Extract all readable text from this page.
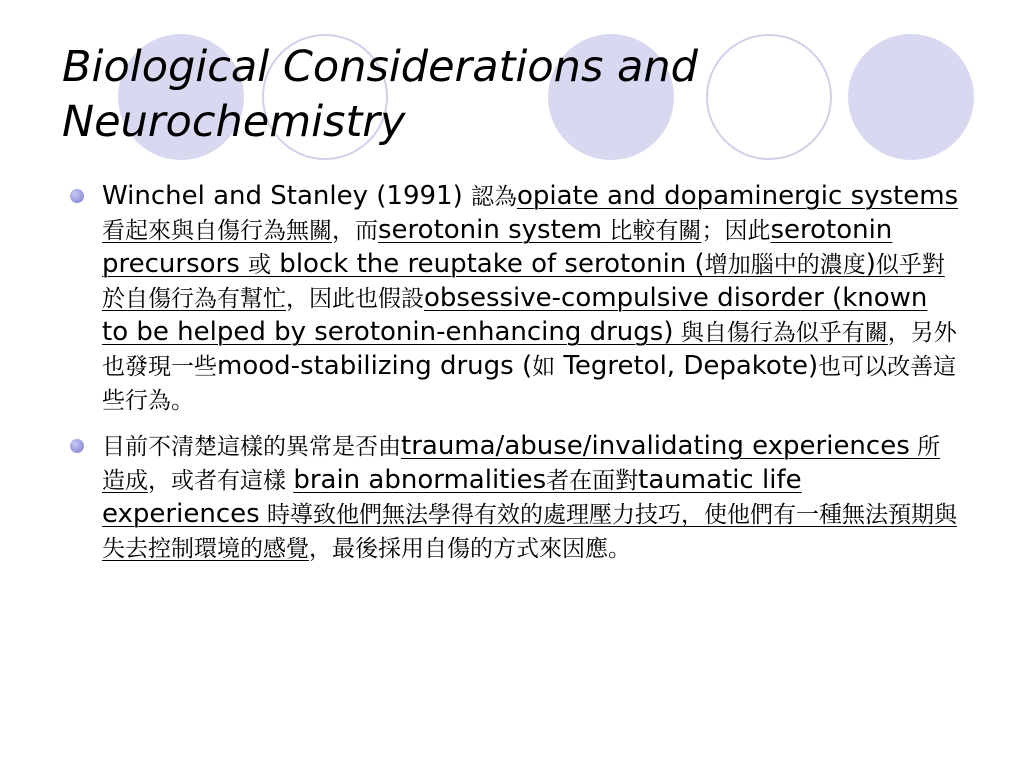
Biological Considerations and
Neurochemistry
Winchel and Stanley (1991) 認為opiate and dopaminergic systems 看起來與自傷行為無關，而serotonin system 比較有關；因此serotonin precursors 或 block the reuptake of serotonin (增加腦中的濃度)似乎對於自傷行為有幫忙，因此也假設obsessive-compulsive disorder (known to be helped by serotonin-enhancing drugs) 與自傷行為似乎有關，另外也發現一些mood-stabilizing drugs (如 Tegretol, Depakote)也可以改善這些行為。
目前不清楚這樣的異常是否由trauma/abuse/invalidating experiences 所造成，或者有這樣 brain abnormalities者在面對taumatic life experiences 時導致他們無法學得有效的處理壓力技巧，使他們有一種無法預期與失去控制環境的感覺，最後採用自傷的方式來因應。
